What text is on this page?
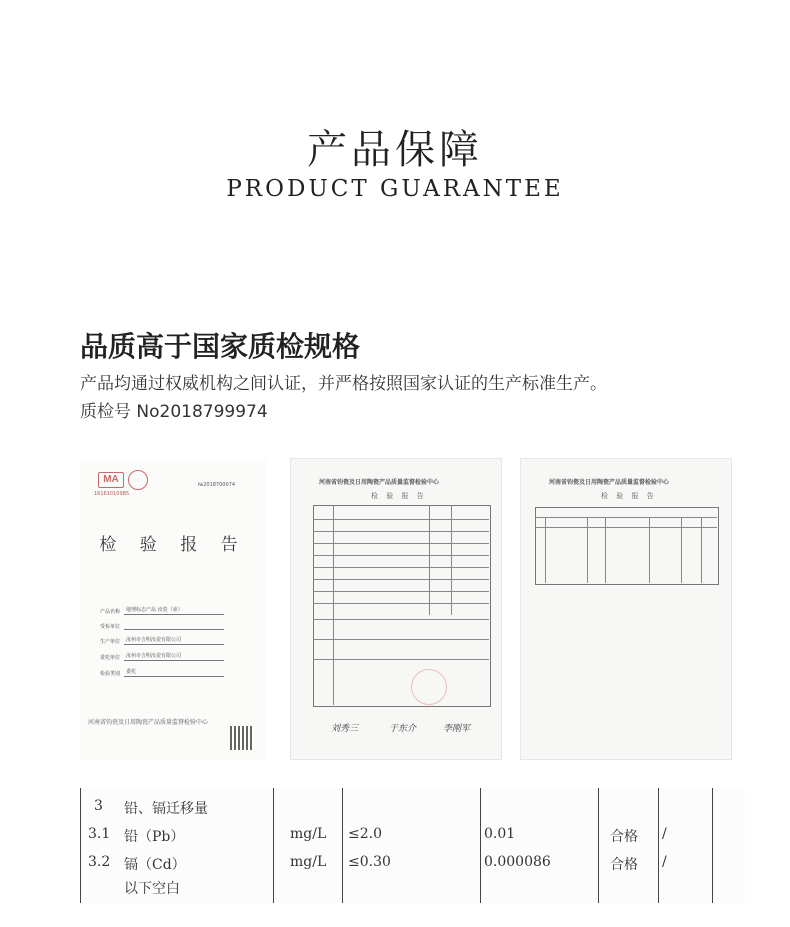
产品保障
PRODUCT GUARANTEE
品质高于国家质检规格
产品均通过权威机构之间认证，并严格按照国家认证的生产标准生产。
质检号 No2018799974
MA
161610109B5
№2018700074
检 验 报 告
产品名称 地理标志产品 汝瓷（壶）
受检单位
生产单位 汝州市吉明汝瓷有限公司
委托单位 汝州市吉明汝瓷有限公司
检验类别 委托
河南省钧瓷及日用陶瓷产品质量监督检验中心
河南省钧瓷及日用陶瓷产品质量监督检验中心
检 验 报 告
刘秀三	于东介	李刚军
河南省钧瓷及日用陶瓷产品质量监督检验中心
检 验 报 告
3 铅、镉迁移量
3.1 铅（Pb）	mg/L ≤2.0	0.01	合格 /
3.2 镉（Cd）	mg/L ≤0.30	0.000086	合格 /
以下空白
